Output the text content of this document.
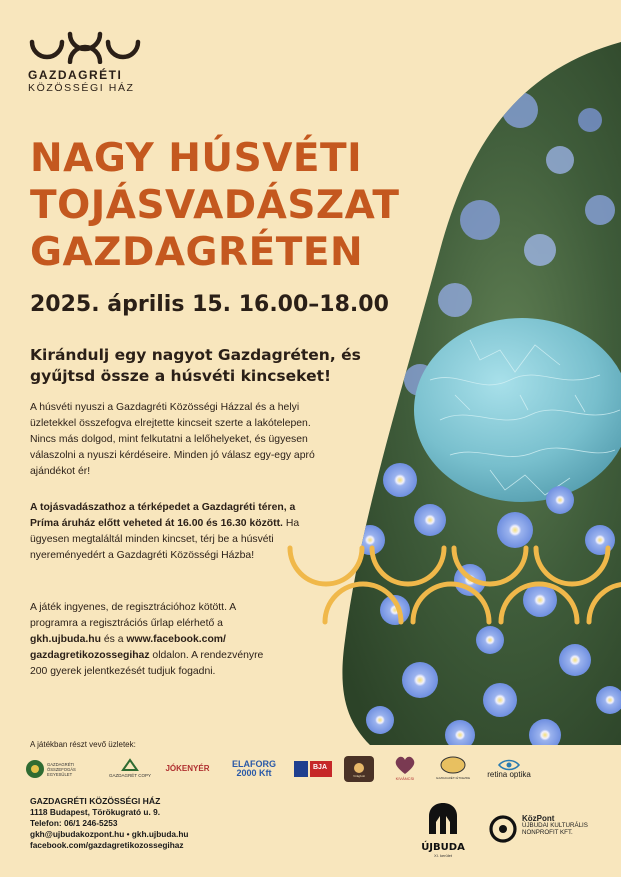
GAZDAGRÉTI
KÖZÖSSÉGI HÁZ
NAGY HÚSVÉTI
TOJÁSVADÁSZAT
GAZDAGRÉTEN
2025. április 15. 16.00–18.00
Kirándulj egy nagyot Gazdagréten, és gyűjtsd össze a húsvéti kincseket!
A húsvéti nyuszi a Gazdagréti Közösségi Házzal és a helyi üzletekkel összefogva elrejtette kincseit szerte a lakótelepen. Nincs más dolgod, mint felkutatni a lelőhelyeket, és ügyesen válaszolni a nyuszi kérdéseire. Minden jó válasz egy-egy apró ajándékot ér!
A tojásvadászathoz a térképedet a Gazdagréti téren, a Príma áruház előtt veheted át 16.00 és 16.30 között. Ha ügyesen megtaláltál minden kincset, térj be a húsvéti nyereményedért a Gazdagréti Közösségi Házba!
A játék ingyenes, de regisztrációhoz kötött. A programra a regisztrációs űrlap elérhető a gkh.ujbuda.hu és a www.facebook.com/ gazdagretikozossegihaz oldalon. A rendezvényre 200 gyerek jelentkezését tudjuk fogadni.
A játékban részt vevő üzletek:
GAZDAGRÉTI ÖSSZEFOGÁS EGYESÜLET	GAZDAGRÉT COPY
JÓKENYÉR	ELAFORG 2000 Kft
BJA
Virágbolt	KIVÁNCSI	GAZDAGRÉTI ÉTKEZDE retina optika
GAZDAGRÉTI KÖZÖSSÉGI HÁZ
1118 Budapest, Törökugrató u. 9.
Telefon: 06/1 246-5253
gkh@ujbudakozpont.hu • gkh.ujbuda.hu
facebook.com/gazdagretikozossegihaz	ÚJBUDA
XI. kerület
KözPont
ÚJBUDAI KULTURÁLIS
NONPROFIT KFT.
